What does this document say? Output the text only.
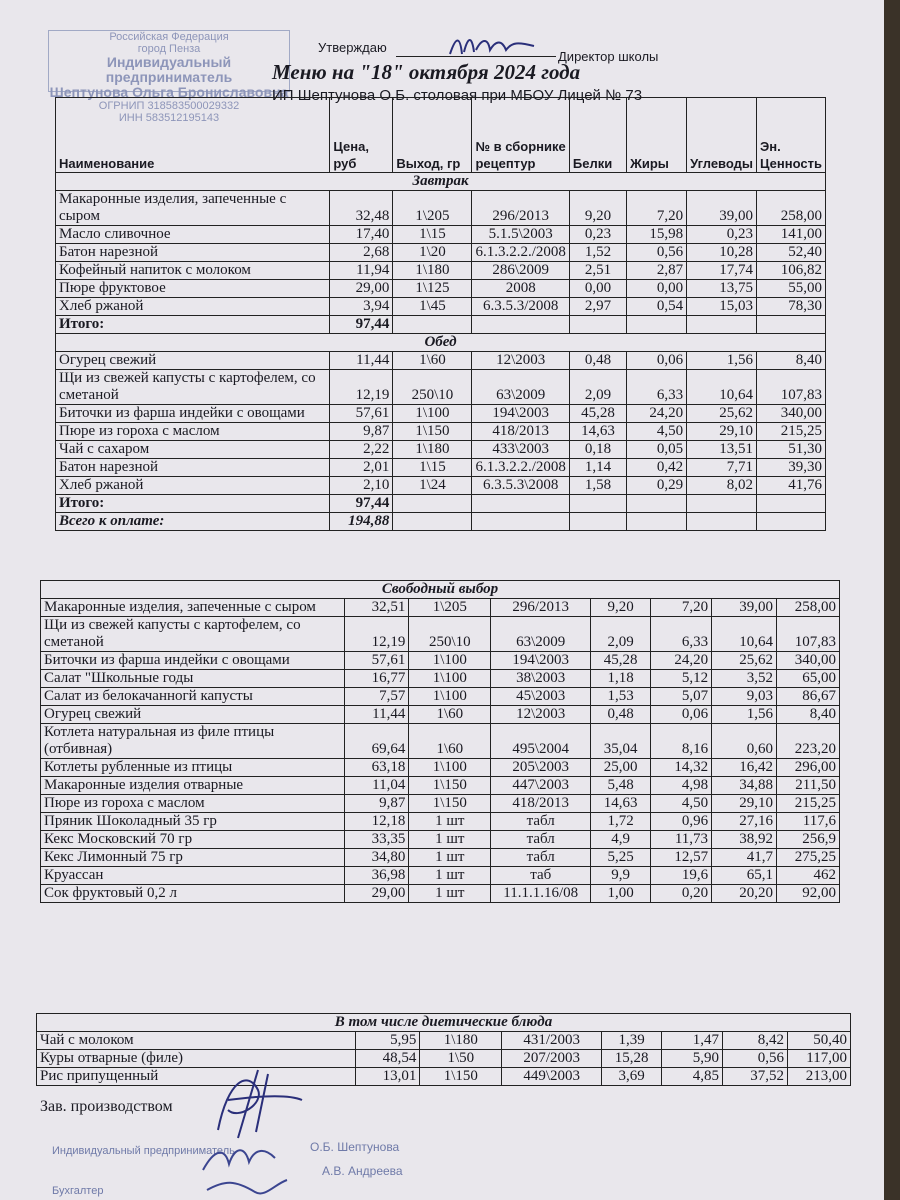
Российская Федерация
город Пенза
Индивидуальный предприниматель
Шептунова Ольга Брониславовна
ОГРНИП 318583500029332
ИНН 583512195143
Утверждаю
Директор школы
Меню на "18" октября 2024 года
ИП Шептунова О.Б. столовая при МБОУ Лицей № 73
Наименование	Цена, руб	Выход, гр	№ в сборнике рецептур	Белки	Жиры	Углеводы	Эн. Ценность
Завтрак							
Макаронные изделия, запеченные с сыром	32,48	1\205	296/2013	9,20	7,20	39,00	258,00
Масло сливочное	17,40	1\15	5.1.5\2003	0,23	15,98	0,23	141,00
Батон нарезной	2,68	1\20	6.1.3.2.2./2008	1,52	0,56	10,28	52,40
Кофейный напиток с молоком	11,94	1\180	286\2009	2,51	2,87	17,74	106,82
Пюре фруктовое	29,00	1\125	2008	0,00	0,00	13,75	55,00
Хлеб ржаной	3,94	1\45	6.3.5.3/2008	2,97	0,54	15,03	78,30
Итого:	97,44						
Обед							
Огурец свежий	11,44	1\60	12\2003	0,48	0,06	1,56	8,40
Щи из свежей капусты с картофелем, со сметаной	12,19	250\10	63\2009	2,09	6,33	10,64	107,83
Биточки из фарша индейки с овощами	57,61	1\100	194\2003	45,28	24,20	25,62	340,00
Пюре из гороха с маслом	9,87	1\150	418/2013	14,63	4,50	29,10	215,25
Чай с сахаром	2,22	1\180	433\2003	0,18	0,05	13,51	51,30
Батон нарезной	2,01	1\15	6.1.3.2.2./2008	1,14	0,42	7,71	39,30
Хлеб ржаной	2,10	1\24	6.3.5.3\2008	1,58	0,29	8,02	41,76
Итого:	97,44						
Всего к оплате:	194,88						
Свободный выбор							
Макаронные изделия, запеченные с сыром	32,51	1\205	296/2013	9,20	7,20	39,00	258,00
Щи из свежей капусты с картофелем, со сметаной	12,19	250\10	63\2009	2,09	6,33	10,64	107,83
Биточки из фарша индейки с овощами	57,61	1\100	194\2003	45,28	24,20	25,62	340,00
Салат "Школьные годы	16,77	1\100	38\2003	1,18	5,12	3,52	65,00
Салат из белокачанногй капусты	7,57	1\100	45\2003	1,53	5,07	9,03	86,67
Огурец свежий	11,44	1\60	12\2003	0,48	0,06	1,56	8,40
Котлета натуральная из филе птицы (отбивная)	69,64	1\60	495\2004	35,04	8,16	0,60	223,20
Котлеты рубленные из птицы	63,18	1\100	205\2003	25,00	14,32	16,42	296,00
Макаронные изделия отварные	11,04	1\150	447\2003	5,48	4,98	34,88	211,50
Пюре из гороха с маслом	9,87	1\150	418/2013	14,63	4,50	29,10	215,25
Пряник Шоколадный 35 гр	12,18	1 шт	табл	1,72	0,96	27,16	117,6
Кекс Московский 70 гр	33,35	1 шт	табл	4,9	11,73	38,92	256,9
Кекс Лимонный 75 гр	34,80	1 шт	табл	5,25	12,57	41,7	275,25
Круассан	36,98	1 шт	таб	9,9	19,6	65,1	462
Сок фруктовый 0,2 л	29,00	1 шт	11.1.1.16/08	1,00	0,20	20,20	92,00
В том числе диетические блюда							
Чай с молоком	5,95	1\180	431/2003	1,39	1,47	8,42	50,40
Куры отварные (филе)	48,54	1\50	207/2003	15,28	5,90	0,56	117,00
Рис припущенный	13,01	1\150	449\2003	3,69	4,85	37,52	213,00
Зав. производством
Индивидуальный предприниматель	О.Б. Шептунова
А.В. Андреева
Бухгалтер
